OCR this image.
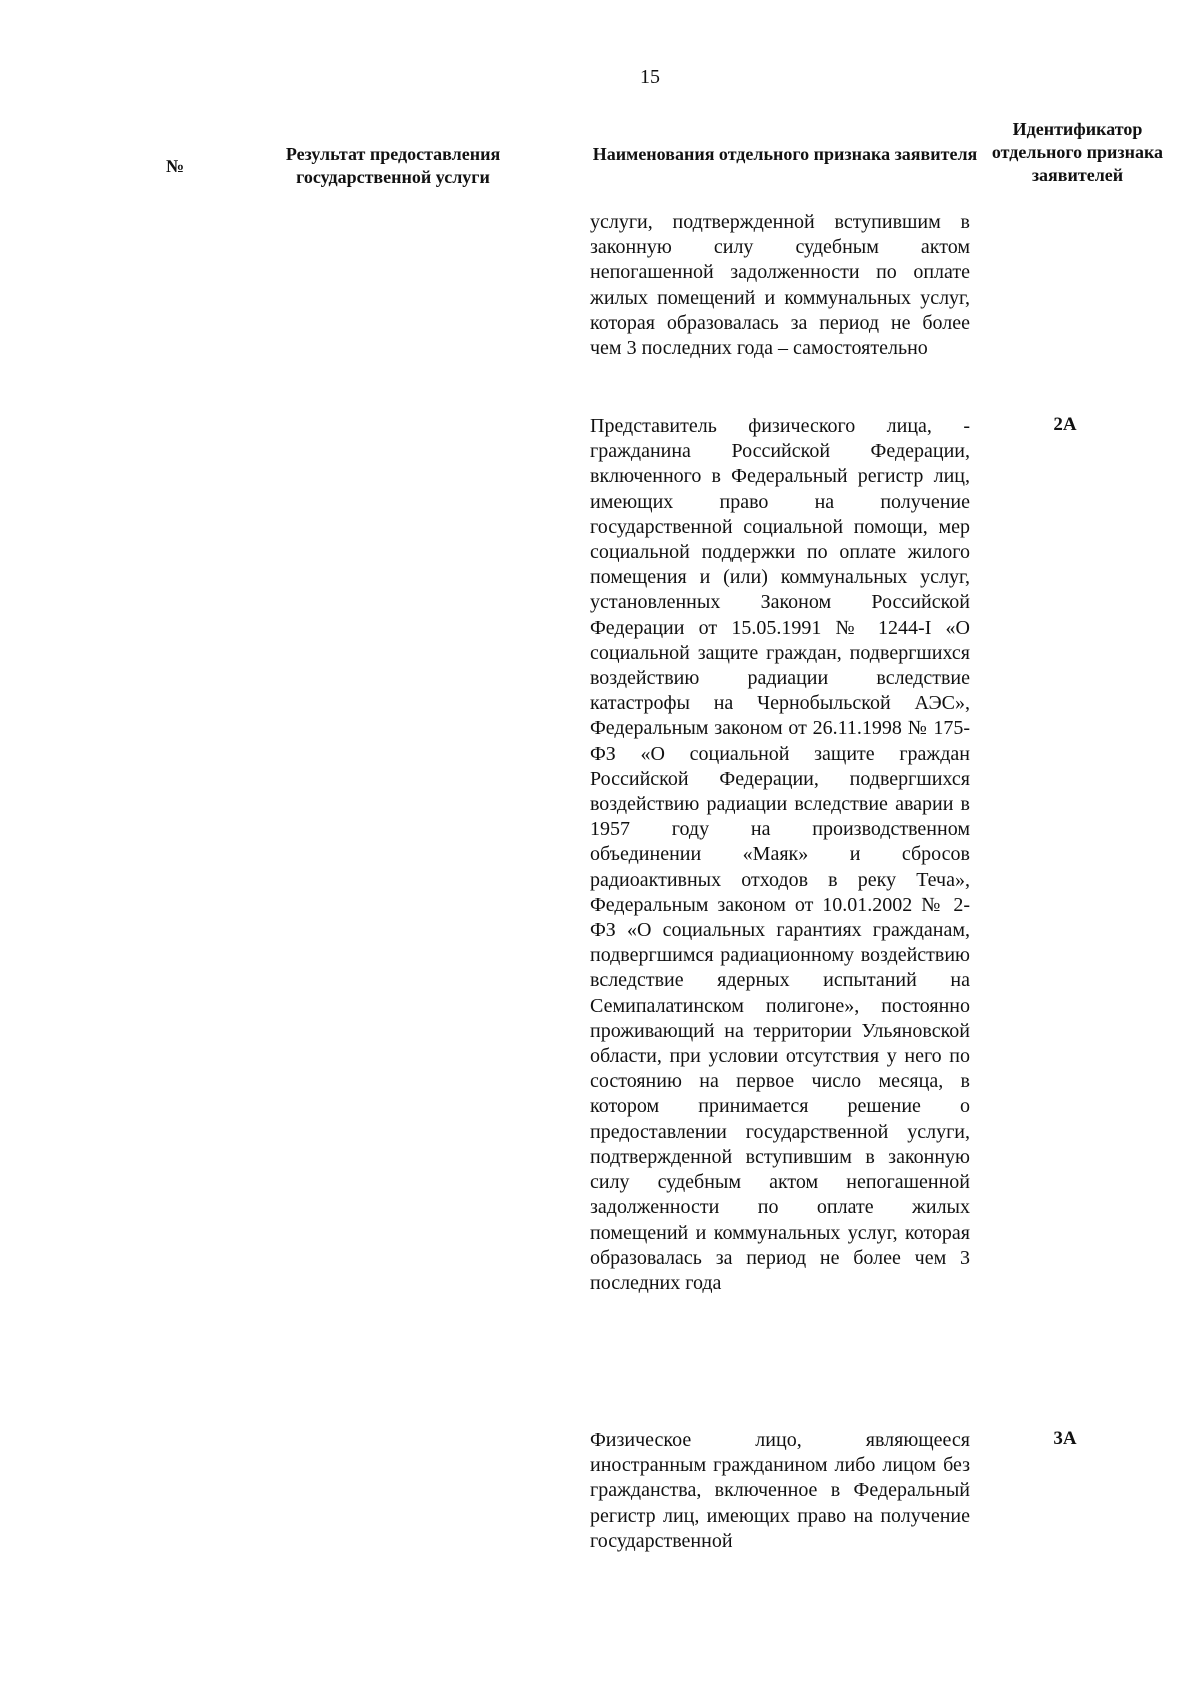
15
№
Результат предоставления государственной услуги
Наименования отдельного признака заявителя
Идентификатор отдельного признака заявителей

услуги, подтвержденной вступившим в законную силу судебным актом непогашенной задолженности по оплате жилых помещений и коммунальных услуг, которая образовалась за период не более чем 3 последних года – самостоятельно

Представитель физического лица, - гражданина Российской Федерации, включенного в Федеральный регистр лиц, имеющих право на получение государственной социальной помощи, мер социальной поддержки по оплате жилого помещения и (или) коммунальных услуг, установленных Законом Российской Федерации от 15.05.1991 № 1244-I «О социальной защите граждан, подвергшихся воздействию радиации вследствие катастрофы на Чернобыльской АЭС», Федеральным законом от 26.11.1998 № 175-ФЗ «О социальной защите граждан Российской Федерации, подвергшихся воздействию радиации вследствие аварии в 1957 году на производственном объединении «Маяк» и сбросов радиоактивных отходов в реку Теча», Федеральным законом от 10.01.2002 № 2-ФЗ «О социальных гарантиях гражданам, подвергшимся радиационному воздействию вследствие ядерных испытаний на Семипалатинском полигоне», постоянно проживающий на территории Ульяновской области, при условии отсутствия у него по состоянию на первое число месяца, в котором принимается решение о предоставлении государственной услуги, подтвержденной вступившим в законную силу судебным актом непогашенной задолженности по оплате жилых помещений и коммунальных услуг, которая образовалась за период не более чем 3 последних года

2А

Физическое лицо, являющееся иностранным гражданином либо лицом без гражданства, включенное в Федеральный регистр лиц, имеющих право на получение государственной

3А
